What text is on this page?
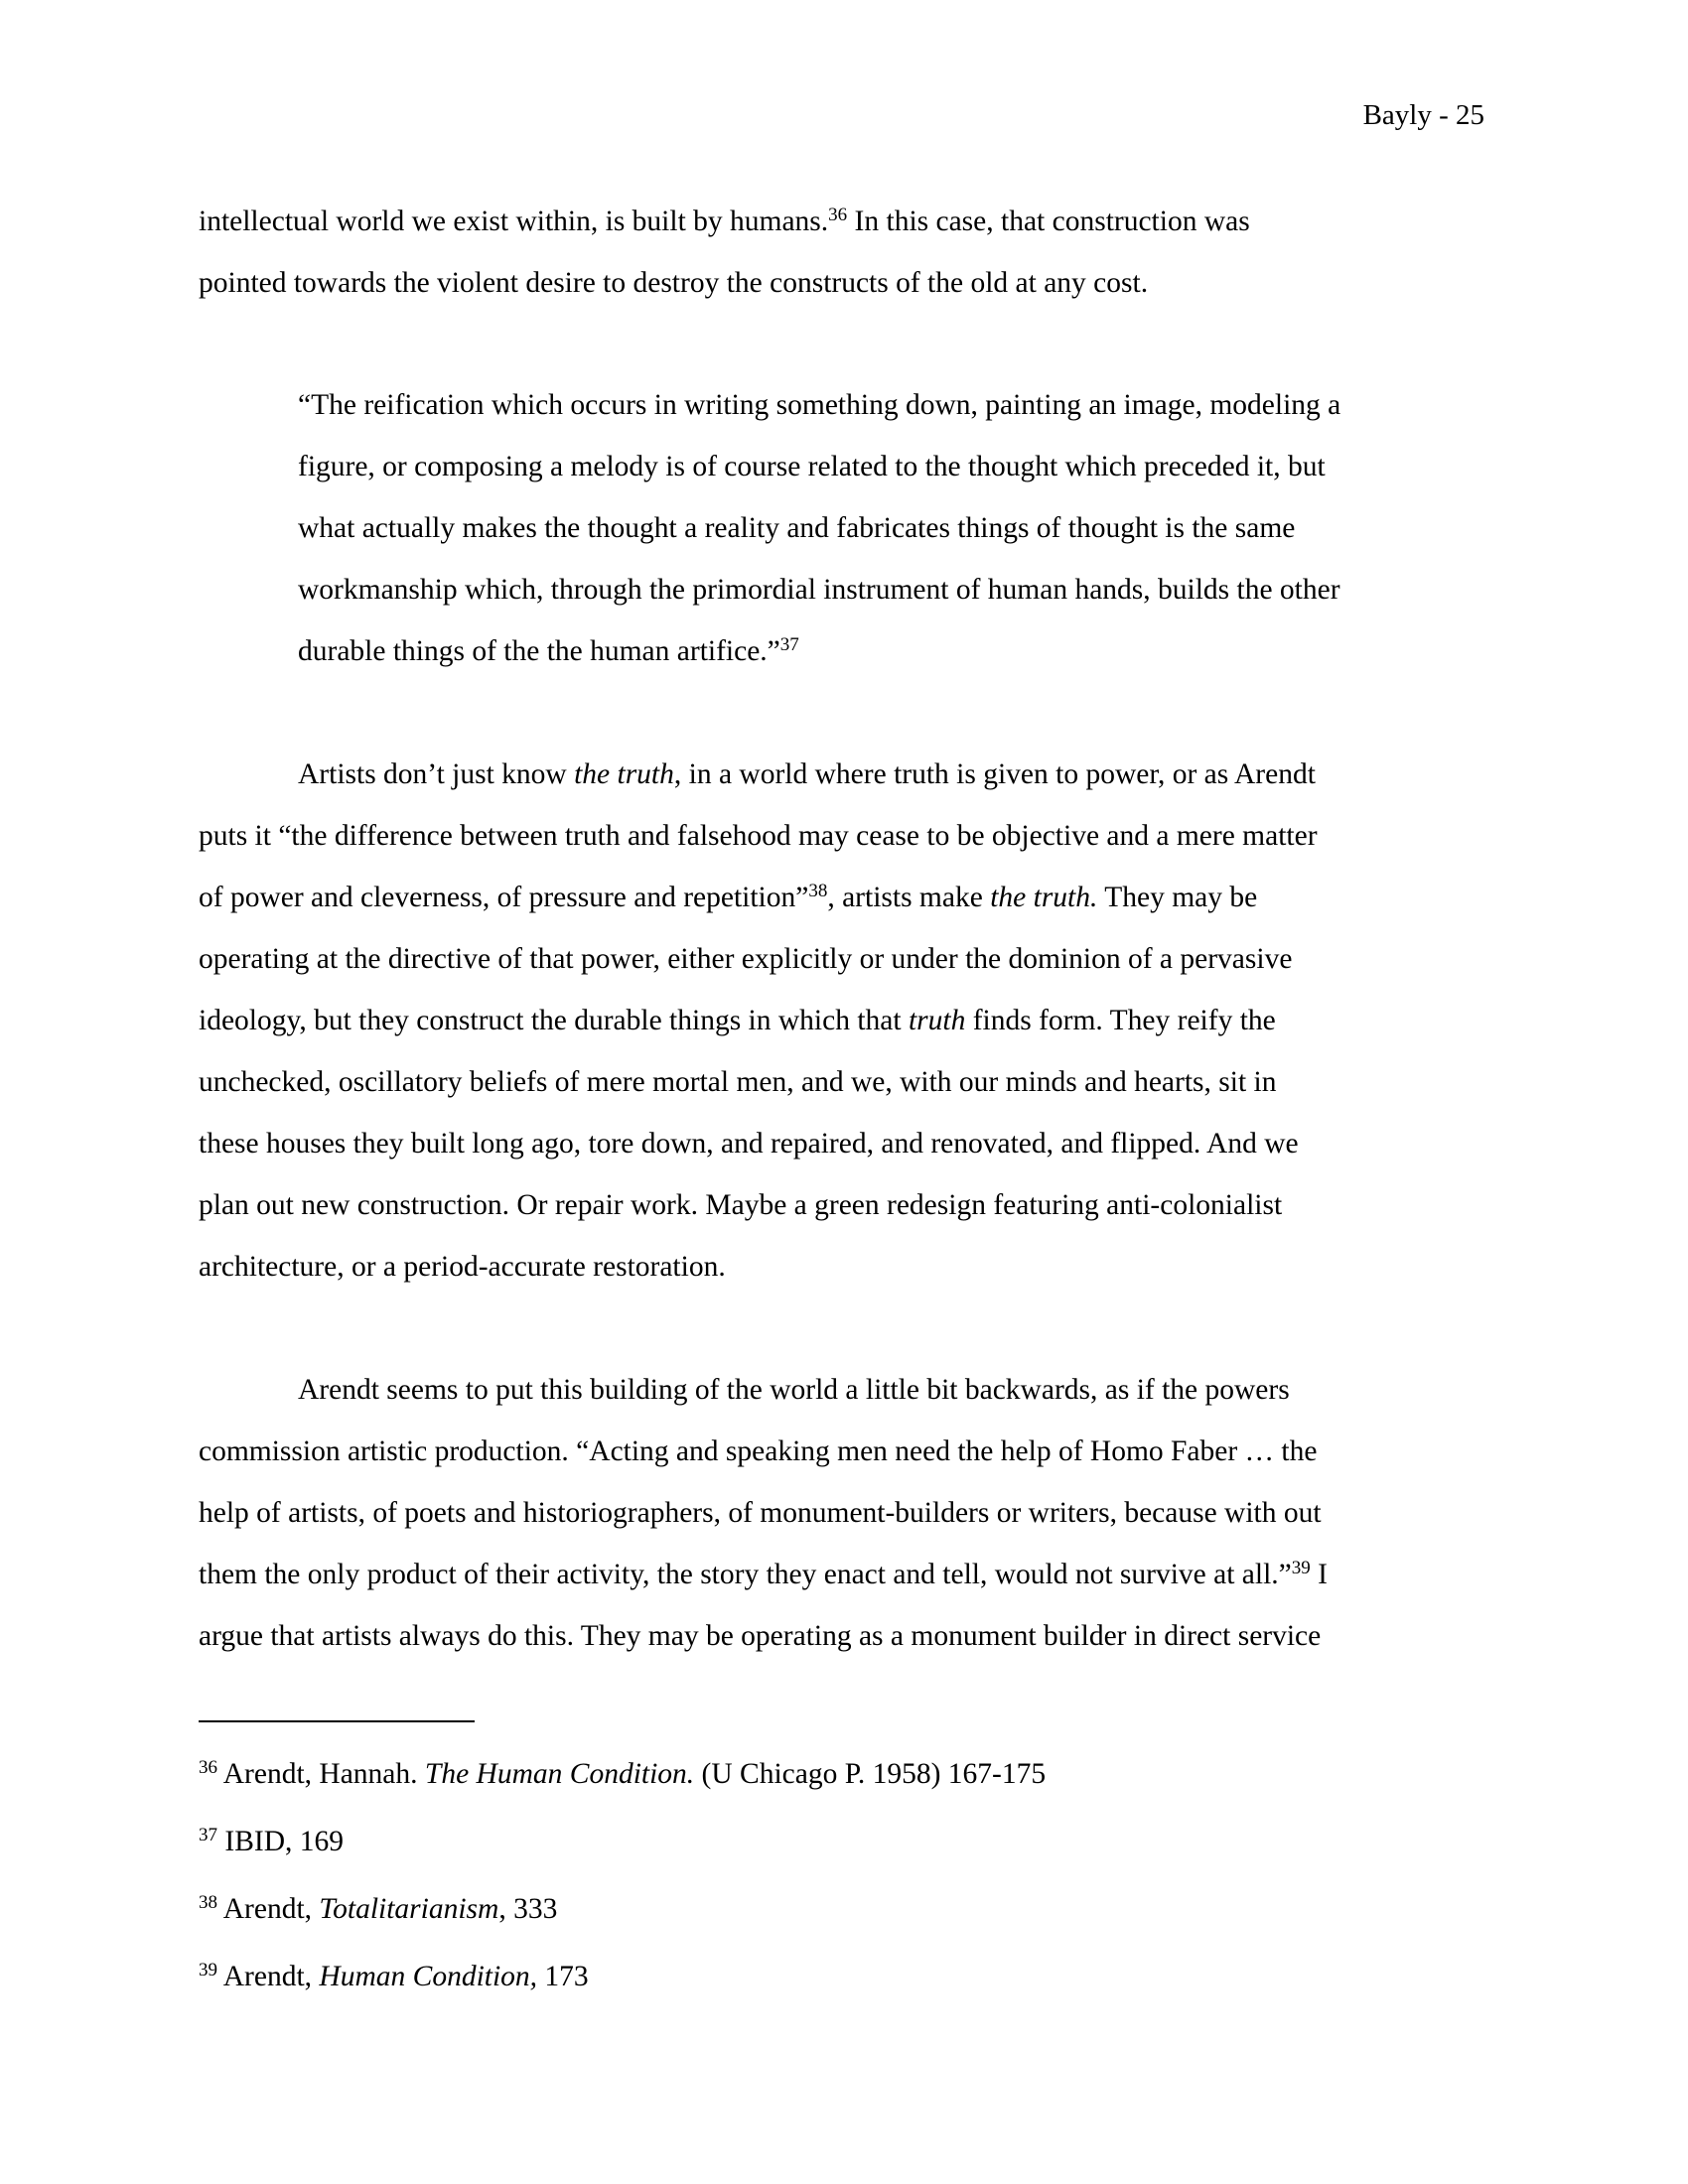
Bayly - 25
intellectual world we exist within, is built by humans.$^{36}$ In this case, that construction was
pointed towards the violent desire to destroy the constructs of the old at any cost.
“The reification which occurs in writing something down, painting an image, modeling a
figure, or composing a melody is of course related to the thought which preceded it, but
what actually makes the thought a reality and fabricates things of thought is the same
workmanship which, through the primordial instrument of human hands, builds the other
durable things of the the human artifice.”$^{37}$
Artists don’t just know the truth, in a world where truth is given to power, or as Arendt
puts it “the difference between truth and falsehood may cease to be objective and a mere matter
of power and cleverness, of pressure and repetition”$^{38}$, artists make the truth. They may be
operating at the directive of that power, either explicitly or under the dominion of a pervasive
ideology, but they construct the durable things in which that truth finds form. They reify the
unchecked, oscillatory beliefs of mere mortal men, and we, with our minds and hearts, sit in
these houses they built long ago, tore down, and repaired, and renovated, and flipped. And we
plan out new construction. Or repair work. Maybe a green redesign featuring anti-colonialist
architecture, or a period-accurate restoration.
Arendt seems to put this building of the world a little bit backwards, as if the powers
commission artistic production. “Acting and speaking men need the help of Homo Faber … the
help of artists, of poets and historiographers, of monument-builders or writers, because with out
them the only product of their activity, the story they enact and tell, would not survive at all.”$^{39}$ I
argue that artists always do this. They may be operating as a monument builder in direct service
$^{36}$ Arendt, Hannah. The Human Condition. (U Chicago P. 1958) 167-175
$^{37}$ IBID, 169
$^{38}$ Arendt, Totalitarianism, 333
$^{39}$ Arendt, Human Condition, 173
